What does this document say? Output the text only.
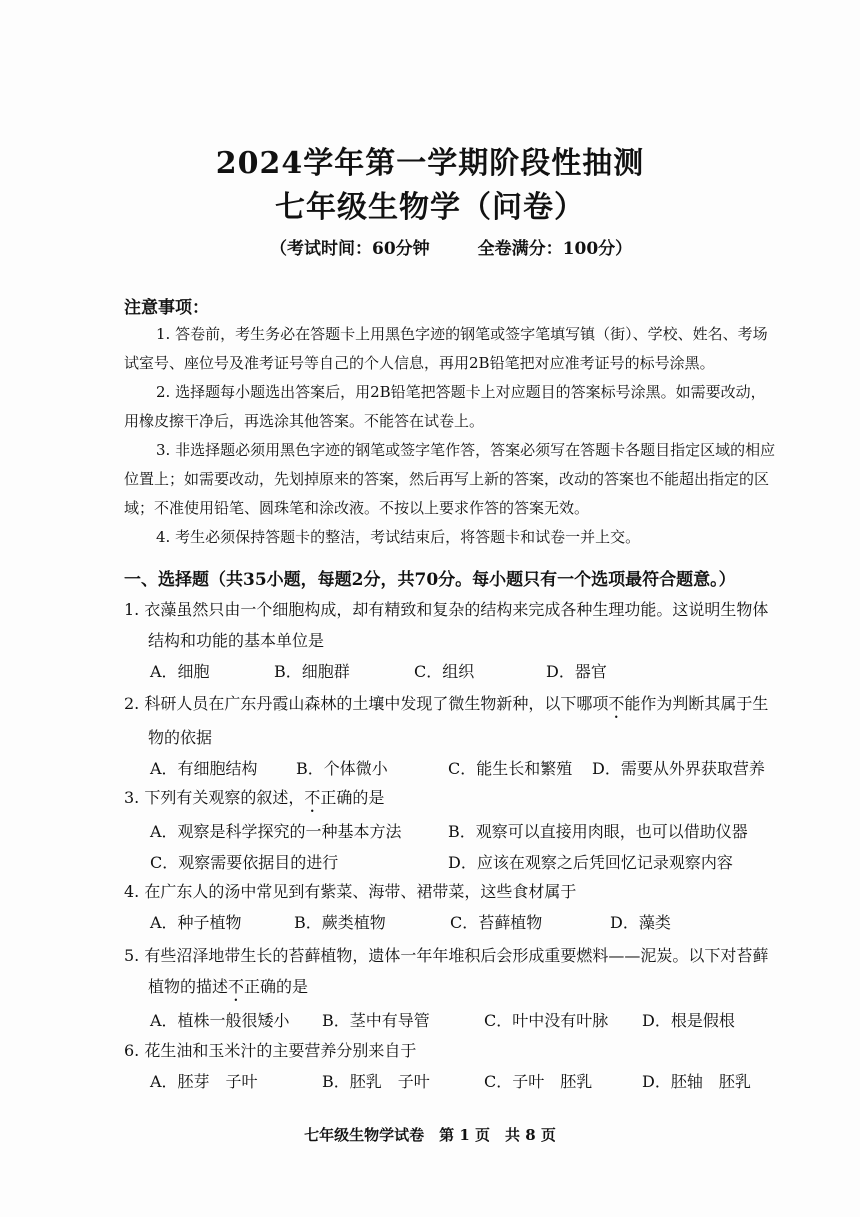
2024学年第一学期阶段性抽测
七年级生物学（问卷）
（考试时间：60分钟	全卷满分：100分）
注意事项：

1. 答卷前，考生务必在答题卡上用黑色字迹的钢笔或签字笔填写镇（街）、学校、姓名、考场试室号、座位号及准考证号等自己的个人信息，再用2B铅笔把对应准考证号的标号涂黑。

2. 选择题每小题选出答案后，用2B铅笔把答题卡上对应题目的答案标号涂黑。如需要改动，用橡皮擦干净后，再选涂其他答案。不能答在试卷上。

3. 非选择题必须用黑色字迹的钢笔或签字笔作答，答案必须写在答题卡各题目指定区域的相应位置上；如需要改动，先划掉原来的答案，然后再写上新的答案，改动的答案也不能超出指定的区域；不准使用铅笔、圆珠笔和涂改液。不按以上要求作答的答案无效。

4. 考生必须保持答题卡的整洁，考试结束后，将答题卡和试卷一并上交。

一、选择题（共35小题，每题2分，共70分。每小题只有一个选项最符合题意。）
1. 衣藻虽然只由一个细胞构成，却有精致和复杂的结构来完成各种生理功能。这说明生物体结构和功能的基本单位是
A．细胞	B．细胞群	C．组织	D．器官
2. 科研人员在广东丹霞山森林的土壤中发现了微生物新种，以下哪项不能作为判断其属于生物的依据
A．有细胞结构	B．个体微小	C．能生长和繁殖	D．需要从外界获取营养
3. 下列有关观察的叙述，不正确的是
A．观察是科学探究的一种基本方法	B．观察可以直接用肉眼，也可以借助仪器
C．观察需要依据目的进行	D．应该在观察之后凭回忆记录观察内容
4. 在广东人的汤中常见到有紫菜、海带、裙带菜，这些食材属于
A．种子植物	B．蕨类植物	C．苔藓植物	D．藻类
5. 有些沼泽地带生长的苔藓植物，遗体一年年堆积后会形成重要燃料——泥炭。以下对苔藓植物的描述不正确的是
A．植株一般很矮小	B．茎中有导管	C．叶中没有叶脉	D．根是假根
6. 花生油和玉米汁的主要营养分别来自于
A．胚芽　子叶	B．胚乳　子叶	C．子叶　胚乳	D．胚轴　胚乳
七年级生物学试卷　第 1 页　共 8 页
